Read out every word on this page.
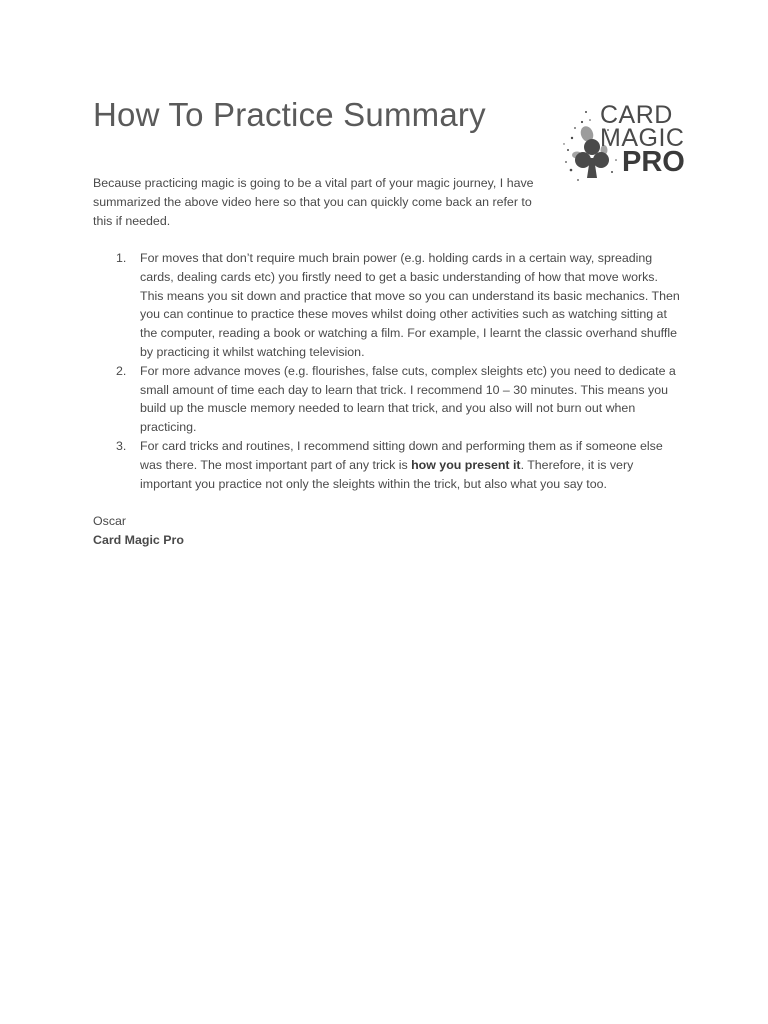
How To Practice Summary	CARD
MAGIC
PRO

Because practicing magic is going to be a vital part of your magic journey, I have summarized the above video here so that you can quickly come back an refer to this if needed.

1. For moves that don’t require much brain power (e.g. holding cards in a certain way, spreading cards, dealing cards etc) you firstly need to get a basic understanding of how that move works. This means you sit down and practice that move so you can understand its basic mechanics. Then you can continue to practice these moves whilst doing other activities such as watching sitting at the computer, reading a book or watching a film. For example, I learnt the classic overhand shuffle by practicing it whilst watching television.
2. For more advance moves (e.g. flourishes, false cuts, complex sleights etc) you need to dedicate a small amount of time each day to learn that trick. I recommend 10 – 30 minutes. This means you build up the muscle memory needed to learn that trick, and you also will not burn out when practicing.
3. For card tricks and routines, I recommend sitting down and performing them as if someone else was there. The most important part of any trick is how you present it. Therefore, it is very important you practice not only the sleights within the trick, but also what you say too.
Oscar
Card Magic Pro
